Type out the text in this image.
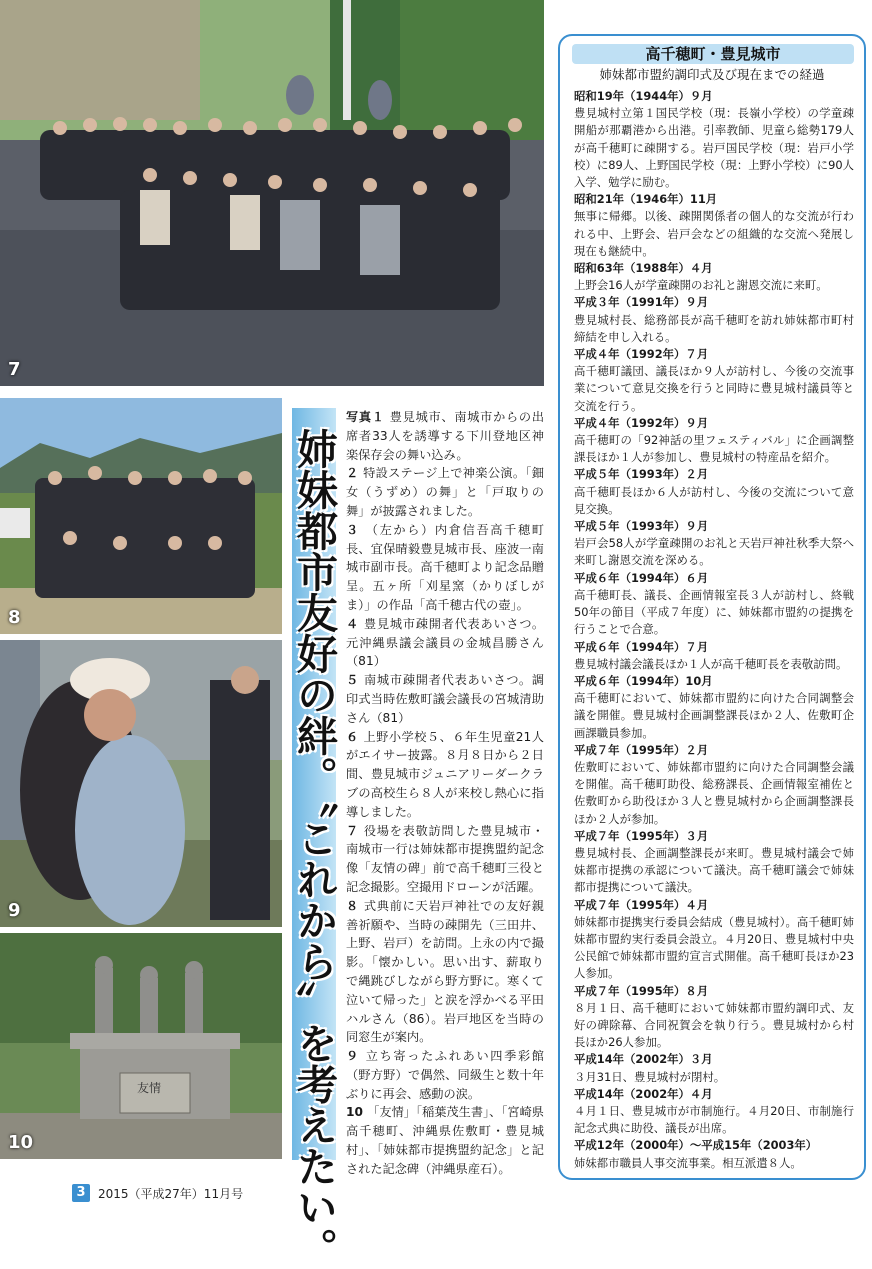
7
8
9
友情
10	姉妹都市友好の絆。〝これから〟を考えたい。

写真１ 豊見城市、南城市からの出席者33人を誘導する下川登地区神楽保存会の舞い込み。

２ 特設ステージ上で神楽公演。「鈿女（うずめ）の舞」と「戸取りの舞」が披露されました。

３ （左から）内倉信吾高千穂町長、宜保晴毅豊見城市長、座波一南城市副市長。高千穂町より記念品贈呈。五ヶ所「刈星窯（かりぼしがま）」の作品「高千穂古代の壺」。

４ 豊見城市疎開者代表あいさつ。元沖縄県議会議員の金城昌勝さん（81）

５ 南城市疎開者代表あいさつ。調印式当時佐敷町議会議長の宮城清助さん（81）

６ 上野小学校５、６年生児童21人がエイサー披露。８月８日から２日間、豊見城市ジュニアリーダークラブの高校生ら８人が来校し熱心に指導しました。

７ 役場を表敬訪問した豊見城市・南城市一行は姉妹都市提携盟約記念像「友情の碑」前で高千穂町三役と記念撮影。空撮用ドローンが活躍。

８ 式典前に天岩戸神社での友好親善祈願や、当時の疎開先（三田井、上野、岩戸）を訪問。上永の内で撮影。「懐かしい。思い出す、薪取りで縄跳びしながら野方野に。寒くて泣いて帰った」と涙を浮かべる平田ハルさん（86）。岩戸地区を当時の同窓生が案内。

９ 立ち寄ったふれあい四季彩館（野方野）で偶然、同級生と数十年ぶりに再会、感動の涙。

10 「友情」「稲葉茂生書」、「宮崎県高千穂町、沖縄県佐敷町・豊見城村」、「姉妹都市提携盟約記念」と記された記念碑（沖縄県産石）。

高千穂町・豊見城市
姉妹都市盟約調印式及び現在までの経過
昭和19年（1944年）９月
豊見城村立第１国民学校（現：長嶺小学校）の学童疎開船が那覇港から出港。引率教師、児童ら総勢179人が高千穂町に疎開する。岩戸国民学校（現：岩戸小学校）に89人、上野国民学校（現：上野小学校）に90人入学、勉学に励む。
昭和21年（1946年）11月
無事に帰郷。以後、疎開関係者の個人的な交流が行われる中、上野会、岩戸会などの組織的な交流へ発展し現在も継続中。
昭和63年（1988年）４月
上野会16人が学童疎開のお礼と謝恩交流に来町。
平成３年（1991年）９月
豊見城村長、総務部長が高千穂町を訪れ姉妹都市町村締結を申し入れる。
平成４年（1992年）７月
高千穂町議団、議長ほか９人が訪村し、今後の交流事業について意見交換を行うと同時に豊見城村議員等と交流を行う。
平成４年（1992年）９月
高千穂町の「92神話の里フェスティバル」に企画調整課長ほか１人が参加し、豊見城村の特産品を紹介。
平成５年（1993年）２月
高千穂町長ほか６人が訪村し、今後の交流について意見交換。
平成５年（1993年）９月
岩戸会58人が学童疎開のお礼と天岩戸神社秋季大祭へ来町し謝恩交流を深める。
平成６年（1994年）６月
高千穂町長、議長、企画情報室長３人が訪村し、終戦50年の節目（平成７年度）に、姉妹都市盟約の提携を行うことで合意。
平成６年（1994年）７月
豊見城村議会議長ほか１人が高千穂町長を表敬訪問。
平成６年（1994年）10月
高千穂町において、姉妹都市盟約に向けた合同調整会議を開催。豊見城村企画調整課長ほか２人、佐敷町企画課職員参加。
平成７年（1995年）２月
佐敷町において、姉妹都市盟約に向けた合同調整会議を開催。高千穂町助役、総務課長、企画情報室補佐と佐敷町から助役ほか３人と豊見城村から企画調整課長ほか２人が参加。
平成７年（1995年）３月
豊見城村長、企画調整課長が来町。豊見城村議会で姉妹都市提携の承認について議決。高千穂町議会で姉妹都市提携について議決。
平成７年（1995年）４月
姉妹都市提携実行委員会結成（豊見城村）。高千穂町姉妹都市盟約実行委員会設立。４月20日、豊見城村中央公民館で姉妹都市盟約宣言式開催。高千穂町長ほか23人参加。
平成７年（1995年）８月
８月１日、高千穂町において姉妹都市盟約調印式、友好の碑除幕、合同祝賀会を執り行う。豊見城村から村長ほか26人参加。
平成14年（2002年）３月
３月31日、豊見城村が閉村。
平成14年（2002年）４月
４月１日、豊見城市が市制施行。４月20日、市制施行記念式典に助役、議長が出席。
平成12年（2000年）〜平成15年（2003年）
姉妹都市職員人事交流事業。相互派遣８人。
3	2015（平成27年）11月号
